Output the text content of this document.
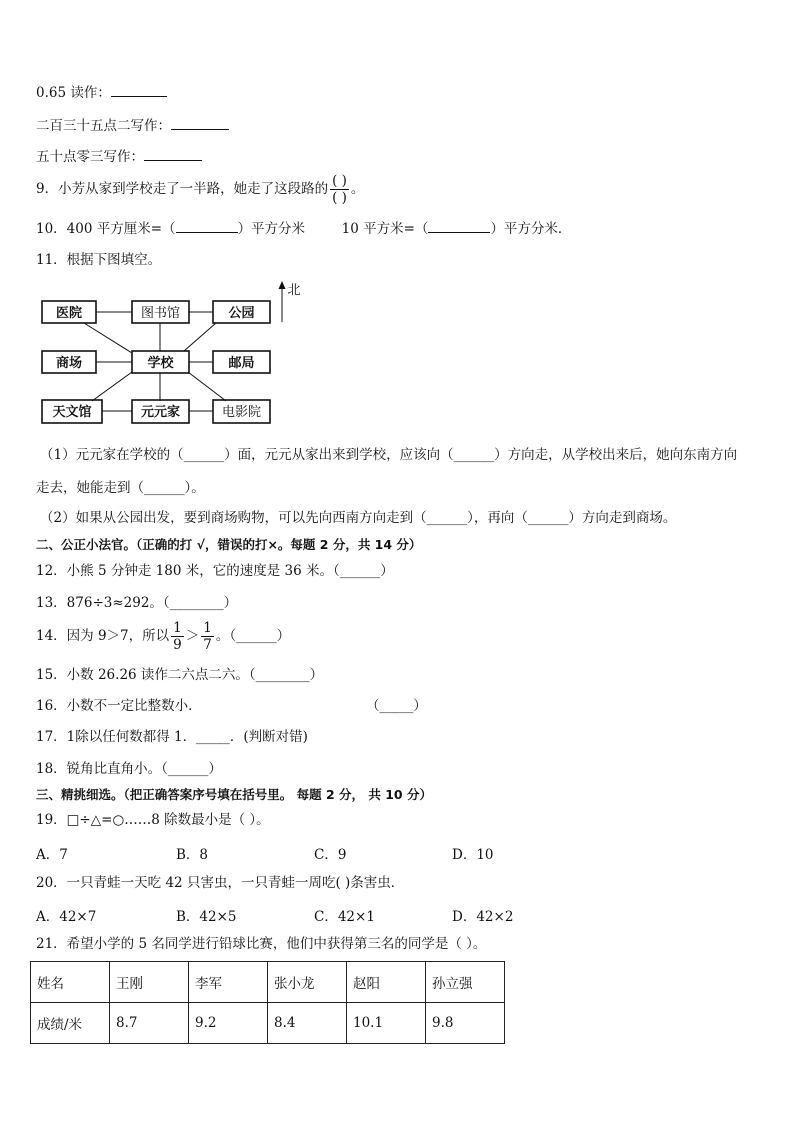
0.65 读作：
二百三十五点二写作：
五十点零三写作：
9．小芳从家到学校走了一半路，她走了这段路的 $\frac{( )}{( )}$ 。
10．400 平方厘米=（	）平方分米	10 平方米=（	）平方分米．
11．根据下图填空。
医院	图书馆	公园
商场	学校	邮局
天文馆	元元家	电影院
北
（1）元元家在学校的（______）面，元元从家出来到学校，应该向（______）方向走，从学校出来后，她向东南方向
走去，她能走到（______）。
（2）如果从公园出发，要到商场购物，可以先向西南方向走到（______），再向（______）方向走到商场。
二、公正小法官。（正确的打 √，错误的打×。每题 2 分，共 14 分）
12．小熊 5 分钟走 180 米，它的速度是 36 米。（______）
13．876÷3≈292。（________）
14．因为 9＞7，所以 $\frac{1}{9} > \frac{1}{7}$ 。（______）
15．小数 26.26 读作二六点二六。（________）
16．小数不一定比整数小．	（_____）
17．1除以任何数都得 1．_____．(判断对错)
18．锐角比直角小。（______）
三、精挑细选。（把正确答案序号填在括号里。 每题 2 分， 共 10 分）
19．□÷△=○……8 除数最小是（ ）。
A．7	B．8	C．9	D．10
20．一只青蛙一天吃 42 只害虫，一只青蛙一周吃( )条害虫．
A．42×7	B．42×5	C．42×1	D．42×2
21．希望小学的 5 名同学进行铅球比赛，他们中获得第三名的同学是（ ）。
姓名	王刚	李军	张小龙	赵阳	孙立强
成绩/米	8.7	9.2	8.4	10.1	9.8
